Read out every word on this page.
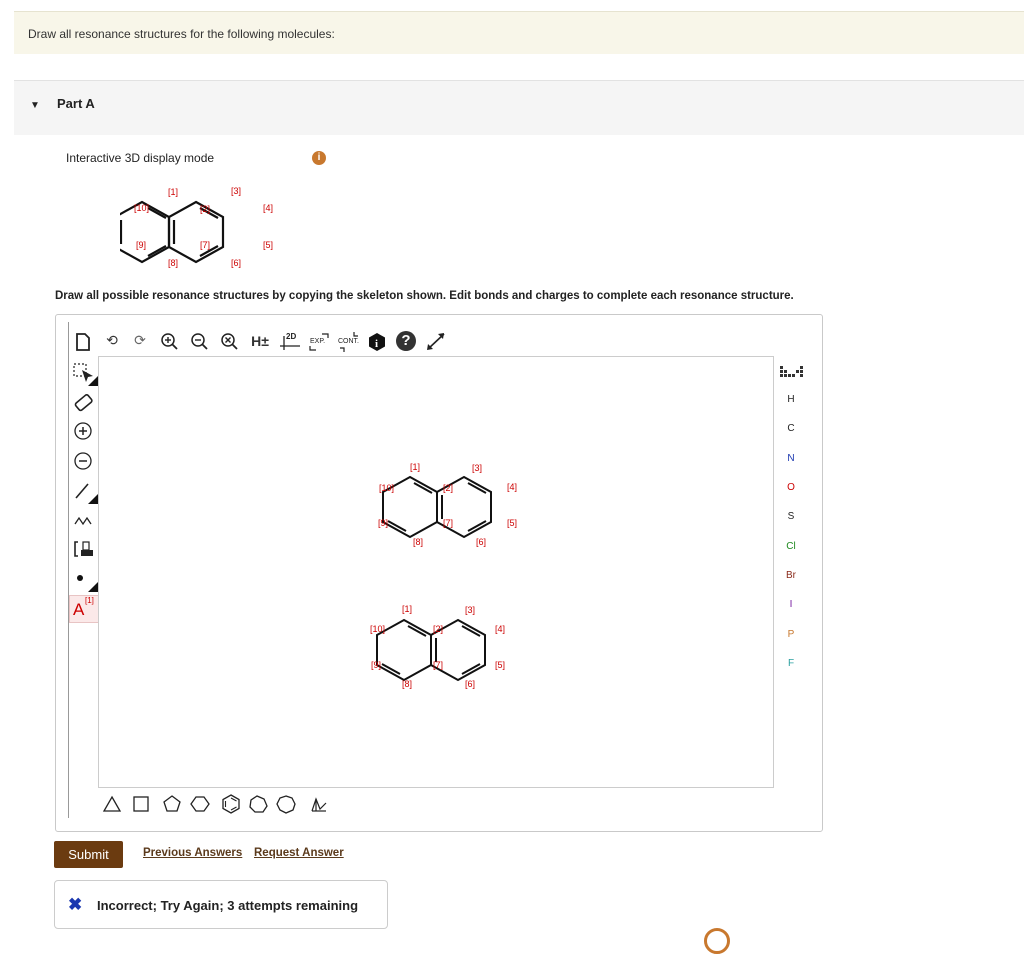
Draw all resonance structures for the following molecules:
▼ Part A
Interactive 3D display mode	i
[1]
[2]
[3]
[4]
[5]
[6]
[7]
[8]
[9]
[10]
Draw all possible resonance structures by copying the skeleton shown. Edit bonds and charges to complete each resonance structure.
⟲ ⟳	H±	2D
EXP. CONT. i	?
A [1]
[1]
[2]
[3]
[4]
[5]
[6]
[7]
[8]
[9]
[10]
[1]
[2]
[3]
[4]
[5]
[6]
[7]
[8]
[9]
[10]
H
C
N
O
S
Cl
Br
I
P
F
Submit	Previous Answers Request Answer
✖ Incorrect; Try Again; 3 attempts remaining
